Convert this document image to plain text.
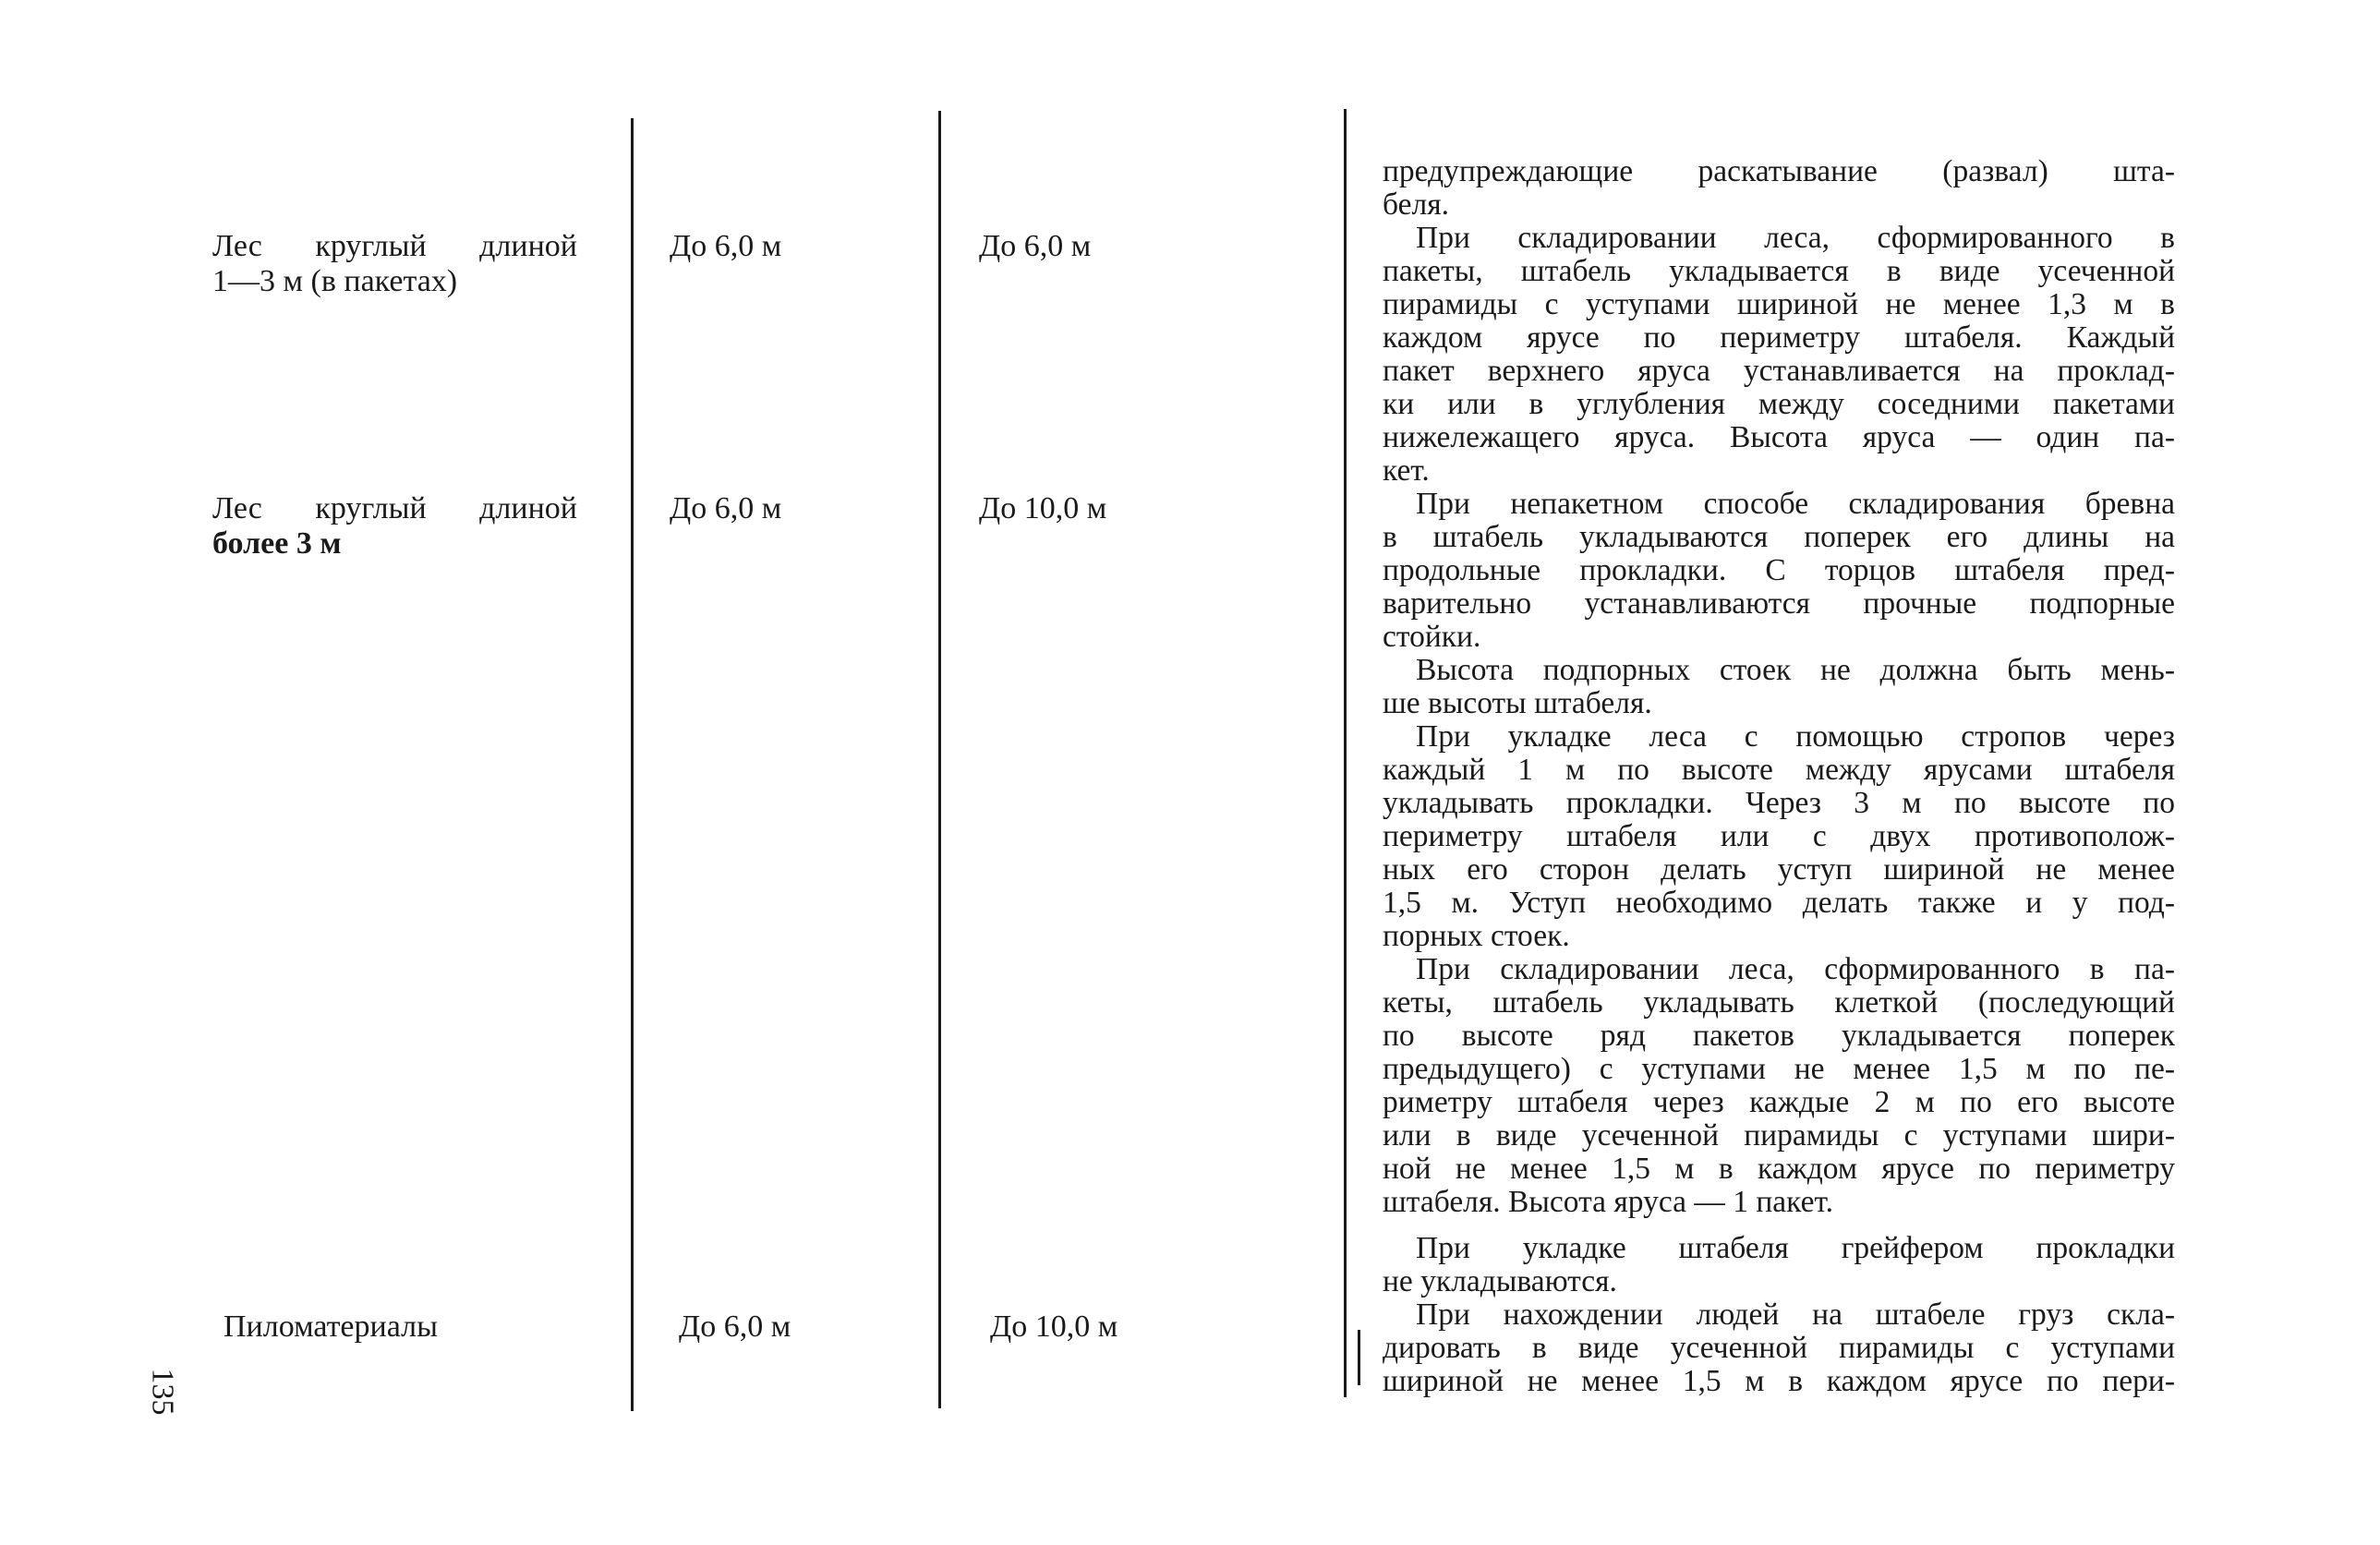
Лес круглый длиной
1—3 м (в пакетах)
До 6,0 м	До 6,0 м
Лес круглый длиной
более 3 м
До 6,0 м	До 10,0 м
Пиломатериалы	До 6,0 м	До 10,0 м
135
предупреждающие раскатывание (развал) шта-
беля.
При складировании леса, сформированного в
пакеты, штабель укладывается в виде усеченной
пирамиды с уступами шириной не менее 1,3 м в
каждом ярусе по периметру штабеля. Каждый
пакет верхнего яруса устанавливается на проклад-
ки или в углубления между соседними пакетами
нижележащего яруса. Высота яруса — один па-
кет.
При непакетном способе складирования бревна
в штабель укладываются поперек его длины на
продольные прокладки. С торцов штабеля пред-
варительно устанавливаются прочные подпорные
стойки.
Высота подпорных стоек не должна быть мень-
ше высоты штабеля.
При укладке леса с помощью стропов через
каждый 1 м по высоте между ярусами штабеля
укладывать прокладки. Через 3 м по высоте по
периметру штабеля или с двух противополож-
ных его сторон делать уступ шириной не менее
1,5 м. Уступ необходимо делать также и у под-
порных стоек.
При складировании леса, сформированного в па-
кеты, штабель укладывать клеткой (последующий
по высоте ряд пакетов укладывается поперек
предыдущего) с уступами не менее 1,5 м по пе-
риметру штабеля через каждые 2 м по его высоте
или в виде усеченной пирамиды с уступами шири-
ной не менее 1,5 м в каждом ярусе по периметру
штабеля. Высота яруса — 1 пакет.
При укладке штабеля грейфером прокладки
не укладываются.
При нахождении людей на штабеле груз скла-
дировать в виде усеченной пирамиды с уступами
шириной не менее 1,5 м в каждом ярусе по пери-
